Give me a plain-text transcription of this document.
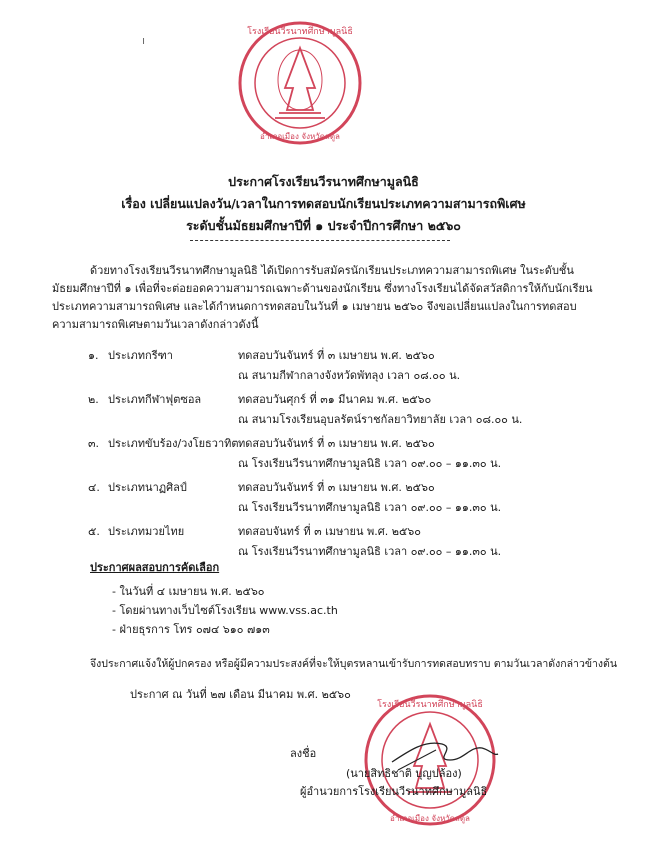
ı
โรงเรียนวีรนาทศึกษามูลนิธิ
อำเภอเมือง จังหวัดสตูล
ประกาศโรงเรียนวีรนาทศึกษามูลนิธิ
เรื่อง เปลี่ยนแปลงวัน/เวลาในการทดสอบนักเรียนประเภทความสามารถพิเศษ
ระดับชั้นมัธยมศึกษาปีที่ ๑ ประจำปีการศึกษา ๒๕๖๐
ด้วยทางโรงเรียนวีรนาทศึกษามูลนิธิ ได้เปิดการรับสมัครนักเรียนประเภทความสามารถพิเศษ ในระดับชั้น
มัธยมศึกษาปีที่ ๑ เพื่อที่จะต่อยอดความสามารถเฉพาะด้านของนักเรียน ซึ่งทางโรงเรียนได้จัดสวัสดิการให้กับนักเรียน
ประเภทความสามารถพิเศษ และได้กำหนดการทดสอบในวันที่ ๑ เมษายน ๒๕๖๐ จึงขอเปลี่ยนแปลงในการทดสอบ
ความสามารถพิเศษตามวันเวลาดังกล่าวดังนี้
๑. ประเภทกรีฑา	ทดสอบวันจันทร์ ที่ ๓ เมษายน พ.ศ. ๒๕๖๐
ณ สนามกีฬากลางจังหวัดพัทลุง เวลา ๐๘.๐๐ น.
๒. ประเภทกีฬาฟุตซอล	ทดสอบวันศุกร์ ที่ ๓๑ มีนาคม พ.ศ. ๒๕๖๐
ณ สนามโรงเรียนอุบลรัตน์ราชกัลยาวิทยาลัย เวลา ๐๘.๐๐ น.
๓. ประเภทขับร้อง/วงโยธวาทิต ทดสอบวันจันทร์ ที่ ๓ เมษายน พ.ศ. ๒๕๖๐
ณ โรงเรียนวีรนาทศึกษามูลนิธิ เวลา ๐๙.๐๐ – ๑๑.๓๐ น.
๔. ประเภทนาฏศิลป์	ทดสอบวันจันทร์ ที่ ๓ เมษายน พ.ศ. ๒๕๖๐
ณ โรงเรียนวีรนาทศึกษามูลนิธิ เวลา ๐๙.๐๐ – ๑๑.๓๐ น.
๕. ประเภทมวยไทย	ทดสอบจันทร์ ที่ ๓ เมษายน พ.ศ. ๒๕๖๐
ณ โรงเรียนวีรนาทศึกษามูลนิธิ เวลา ๐๙.๐๐ – ๑๑.๓๐ น.
ประกาศผลสอบการคัดเลือก
- ในวันที่ ๔ เมษายน พ.ศ. ๒๕๖๐
- โดยผ่านทางเว็บไซต์โรงเรียน www.vss.ac.th
- ฝ่ายธุรการ โทร ๐๗๔ ๖๑๐ ๗๑๓
จึงประกาศแจ้งให้ผู้ปกครอง หรือผู้มีความประสงค์ที่จะให้บุตรหลานเข้ารับการทดสอบทราบ ตามวันเวลาดังกล่าวข้างต้น
ประกาศ ณ วันที่ ๒๗ เดือน มีนาคม พ.ศ. ๒๕๖๐
โรงเรียนวีรนาทศึกษามูลนิธิ
อำเภอเมือง จังหวัดสตูล
ลงชื่อ
(นายสิทธิชาติ บุญปล้อง)
ผู้อำนวยการโรงเรียนวีรนาทศึกษามูลนิธิ
